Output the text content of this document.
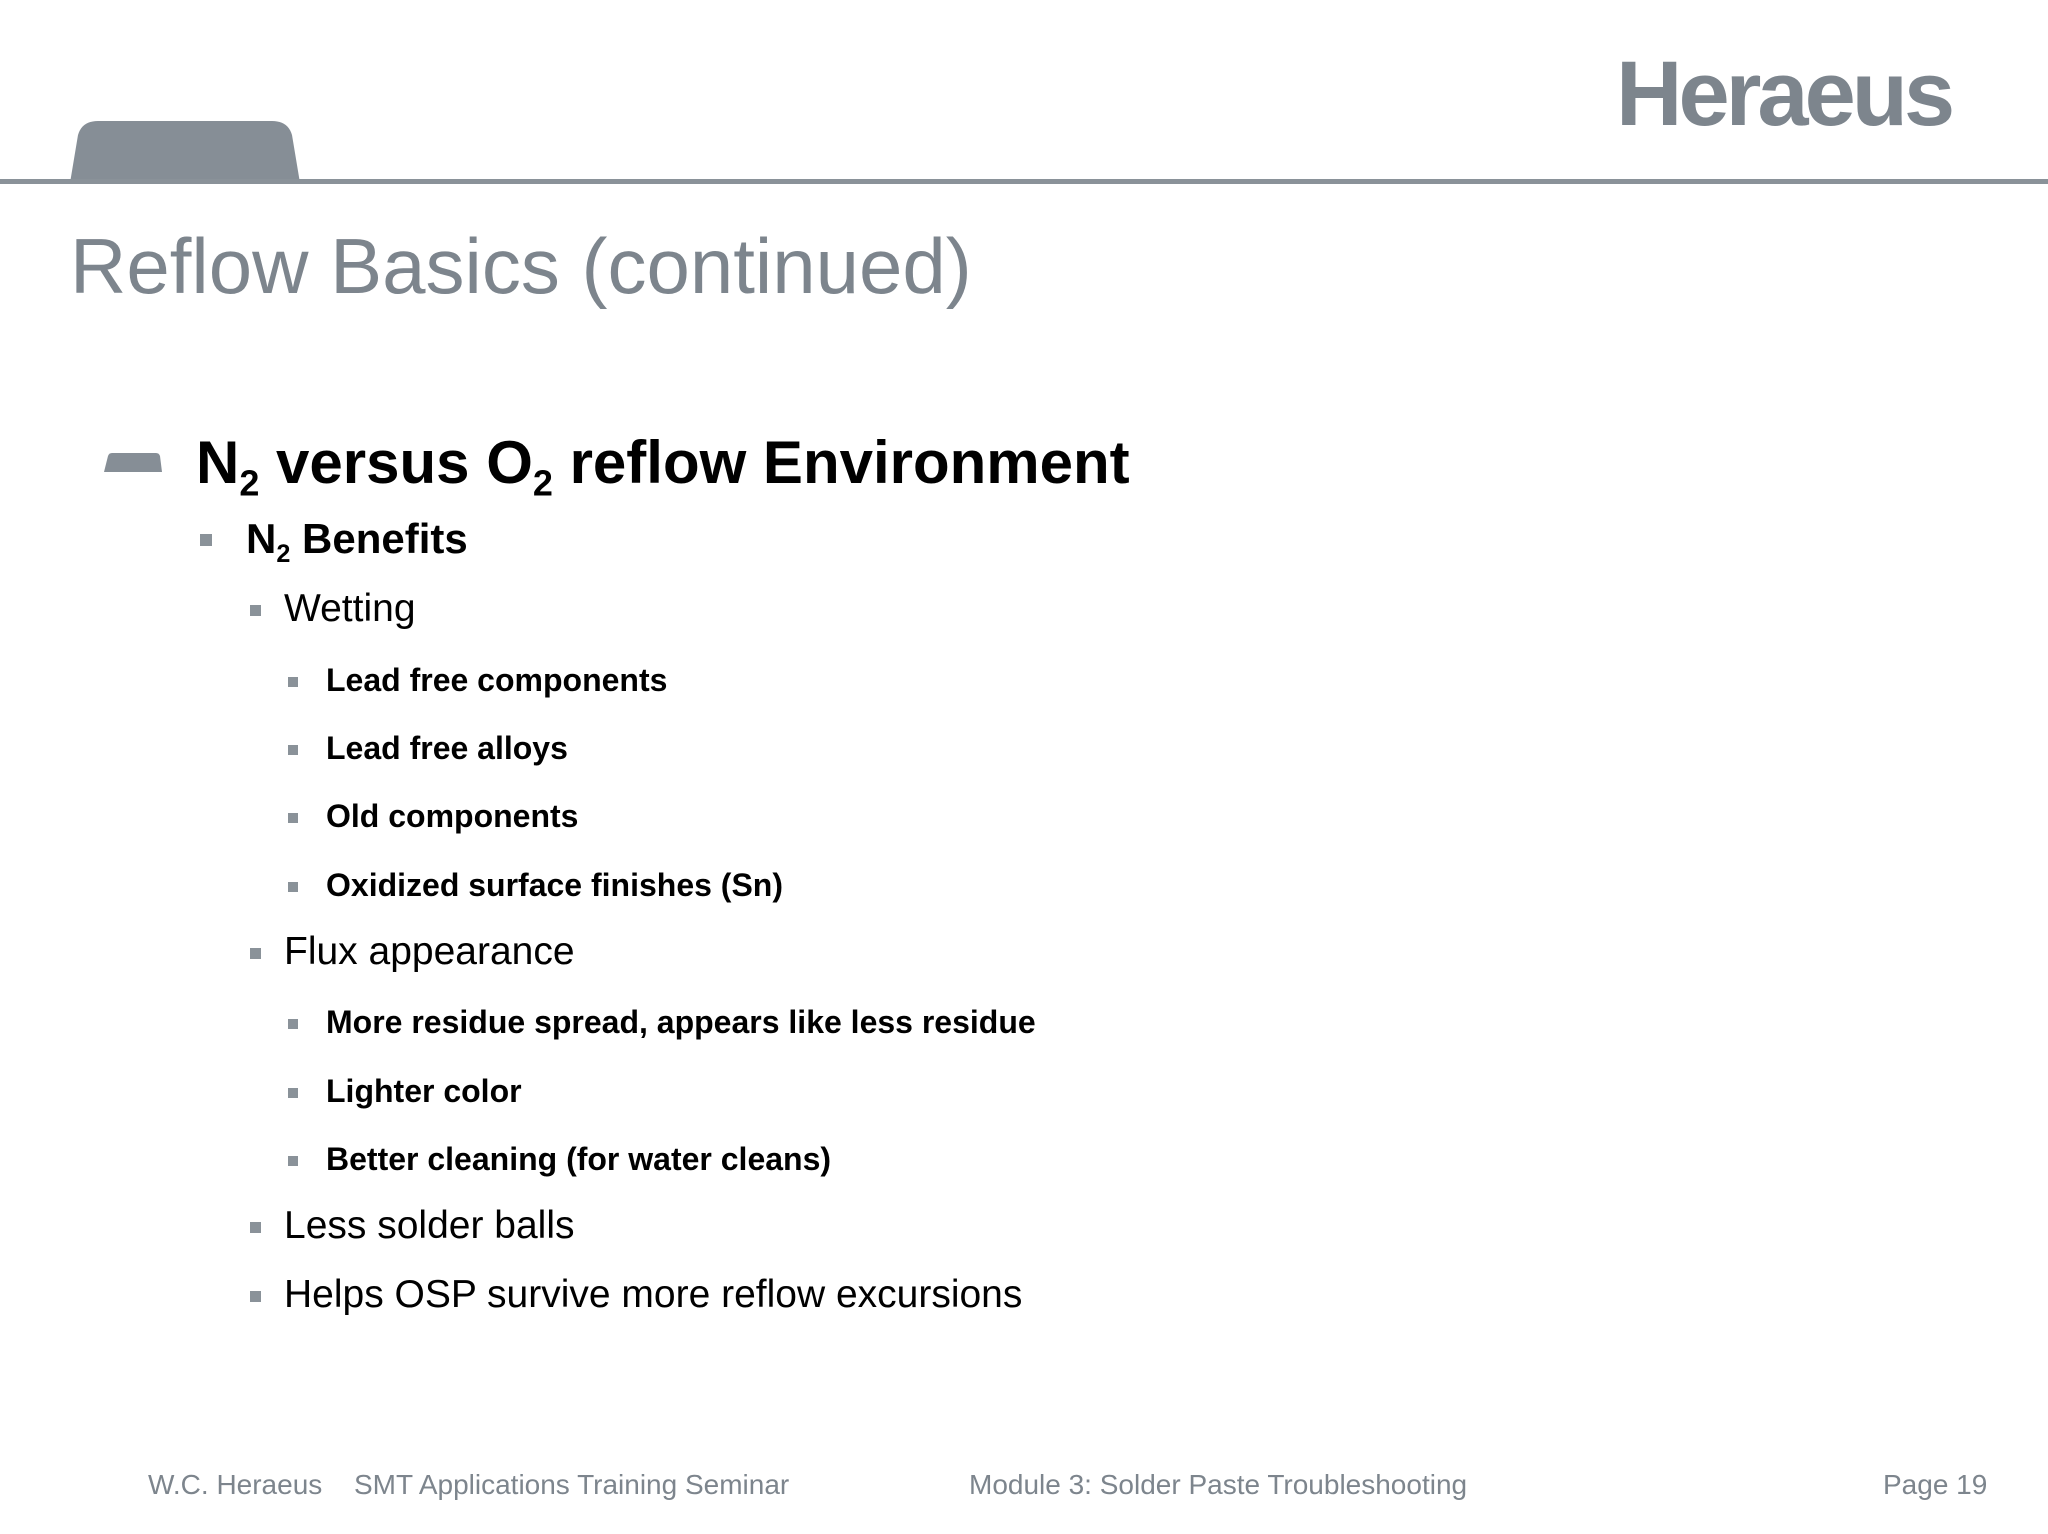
Heraeus
Reflow Basics (continued)
$N_2$ versus $O_2$ reflow Environment
$N_2$ Benefits
Wetting
Lead free components
Lead free alloys
Old components
Oxidized surface finishes (Sn)
Flux appearance
More residue spread, appears like less residue
Lighter color
Better cleaning (for water cleans)
Less solder balls
Helps OSP survive more reflow excursions
W.C. Heraeus SMT Applications Training Seminar	Module 3: Solder Paste Troubleshooting	Page 19
